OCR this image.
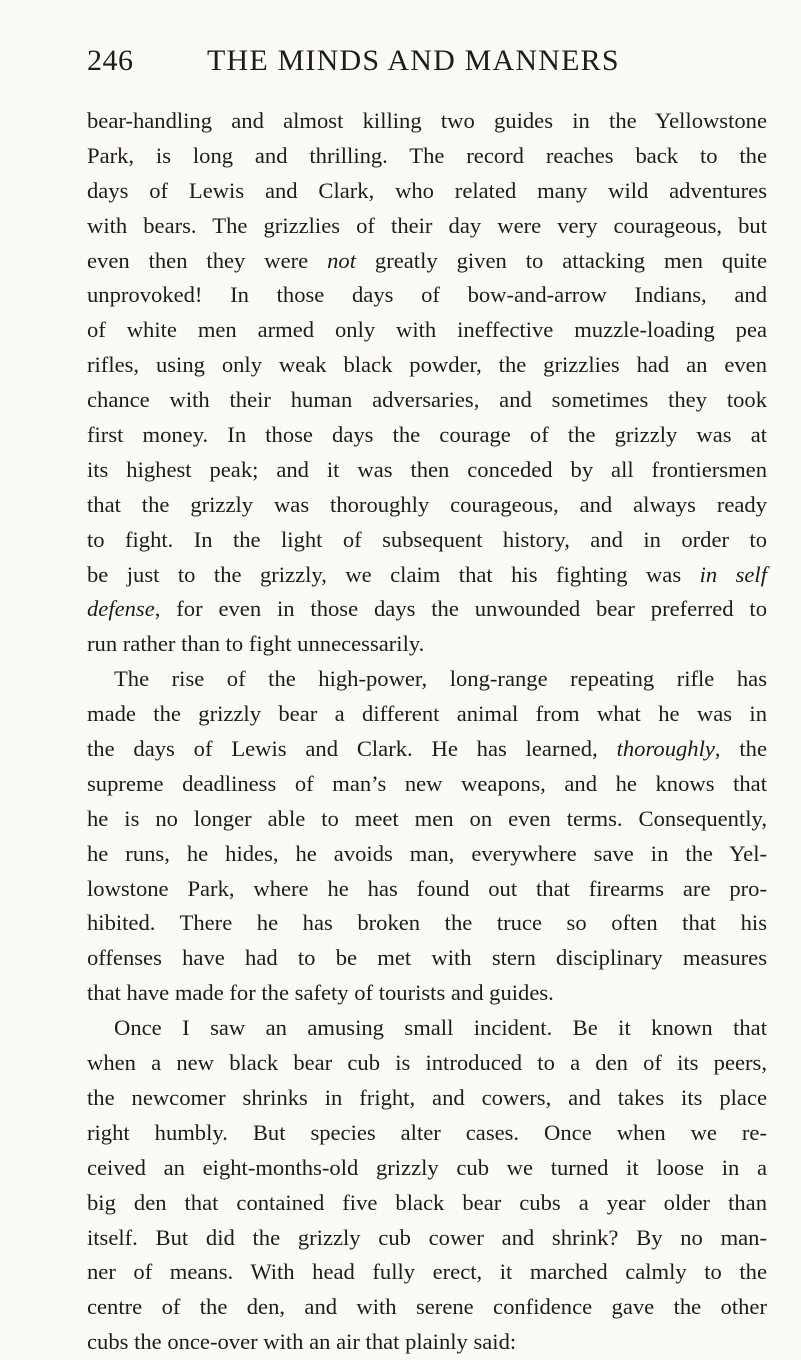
246 THE MINDS AND MANNERS
bear-handling and almost killing two guides in the Yellowstone
Park, is long and thrilling. The record reaches back to the
days of Lewis and Clark, who related many wild adventures
with bears. The grizzlies of their day were very courageous, but
even then they were not greatly given to attacking men quite
unprovoked! In those days of bow-and-arrow Indians, and
of white men armed only with ineffective muzzle-loading pea
rifles, using only weak black powder, the grizzlies had an even
chance with their human adversaries, and sometimes they took
first money. In those days the courage of the grizzly was at
its highest peak; and it was then conceded by all frontiersmen
that the grizzly was thoroughly courageous, and always ready
to fight. In the light of subsequent history, and in order to
be just to the grizzly, we claim that his fighting was in self
defense, for even in those days the unwounded bear preferred to
run rather than to fight unnecessarily.
The rise of the high-power, long-range repeating rifle has
made the grizzly bear a different animal from what he was in
the days of Lewis and Clark. He has learned, thoroughly, the
supreme deadliness of man’s new weapons, and he knows that
he is no longer able to meet men on even terms. Consequently,
he runs, he hides, he avoids man, everywhere save in the Yel-
lowstone Park, where he has found out that firearms are pro-
hibited. There he has broken the truce so often that his
offenses have had to be met with stern disciplinary measures
that have made for the safety of tourists and guides.
Once I saw an amusing small incident. Be it known that
when a new black bear cub is introduced to a den of its peers,
the newcomer shrinks in fright, and cowers, and takes its place
right humbly. But species alter cases. Once when we re-
ceived an eight-months-old grizzly cub we turned it loose in a
big den that contained five black bear cubs a year older than
itself. But did the grizzly cub cower and shrink? By no man-
ner of means. With head fully erect, it marched calmly to the
centre of the den, and with serene confidence gave the other
cubs the once-over with an air that plainly said:
